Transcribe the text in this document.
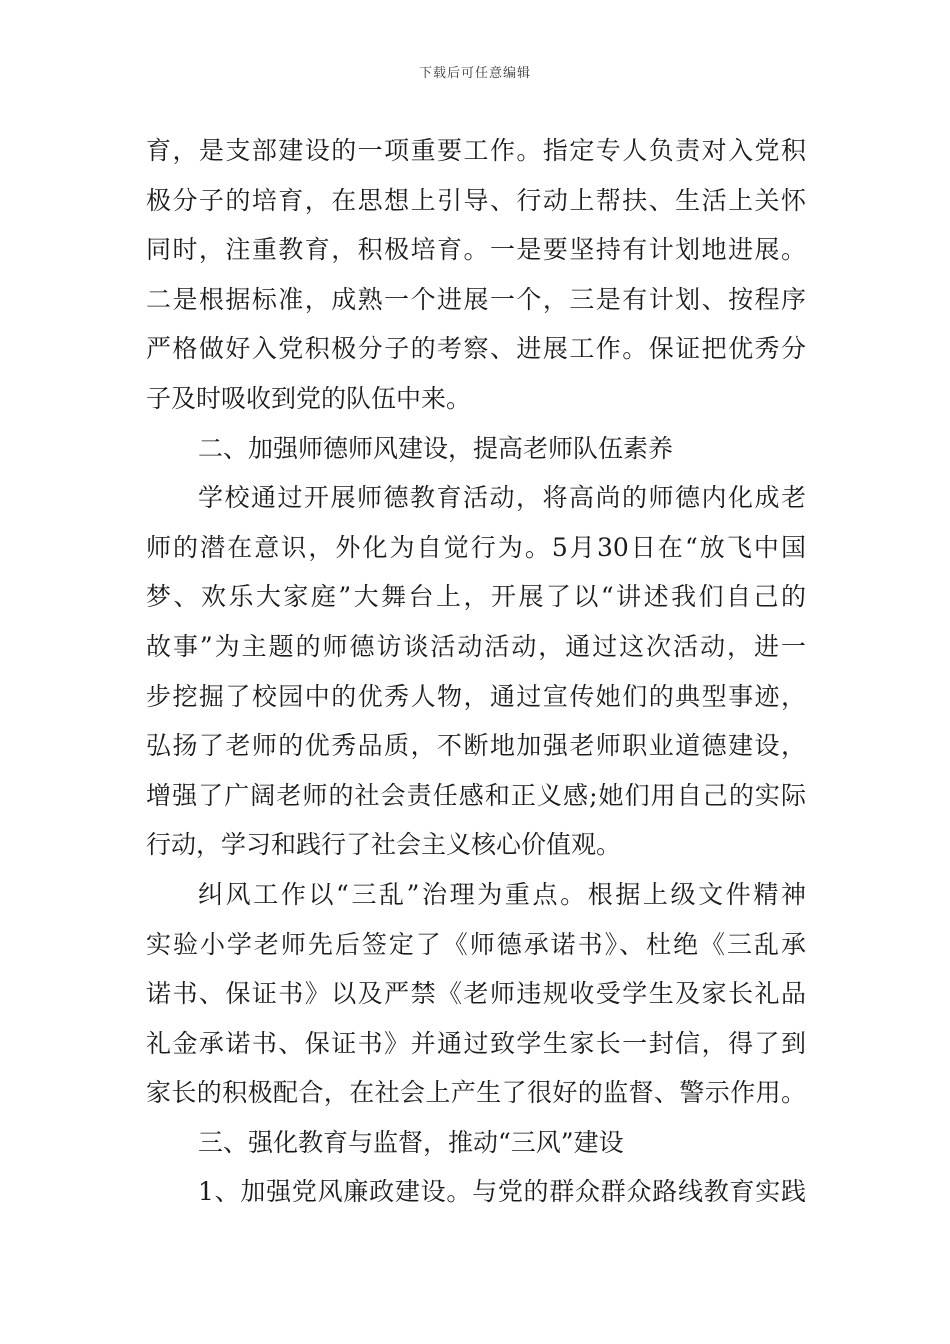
下载后可任意编辑
育，是支部建设的一项重要工作。指定专人负责对入党积
极分子的培育，在思想上引导、行动上帮扶、生活上关怀
同时，注重教育，积极培育。一是要坚持有计划地进展。
二是根据标准，成熟一个进展一个，三是有计划、按程序
严格做好入党积极分子的考察、进展工作。保证把优秀分
子及时吸收到党的队伍中来。
二、加强师德师风建设，提高老师队伍素养
学校通过开展师德教育活动，将高尚的师德内化成老
师的潜在意识，外化为自觉行为。5月30日在“放飞中国
梦、欢乐大家庭”大舞台上，开展了以“讲述我们自己的
故事”为主题的师德访谈活动活动，通过这次活动，进一
步挖掘了校园中的优秀人物，通过宣传她们的典型事迹，
弘扬了老师的优秀品质，不断地加强老师职业道德建设，
增强了广阔老师的社会责任感和正义感;她们用自己的实际
行动，学习和践行了社会主义核心价值观。
纠风工作以“三乱”治理为重点。根据上级文件精神
实验小学老师先后签定了《师德承诺书》、杜绝《三乱承
诺书、保证书》以及严禁《老师违规收受学生及家长礼品
礼金承诺书、保证书》并通过致学生家长一封信，得了到
家长的积极配合，在社会上产生了很好的监督、警示作用。
三、强化教育与监督，推动“三风”建设
1、加强党风廉政建设。与党的群众群众路线教育实践
